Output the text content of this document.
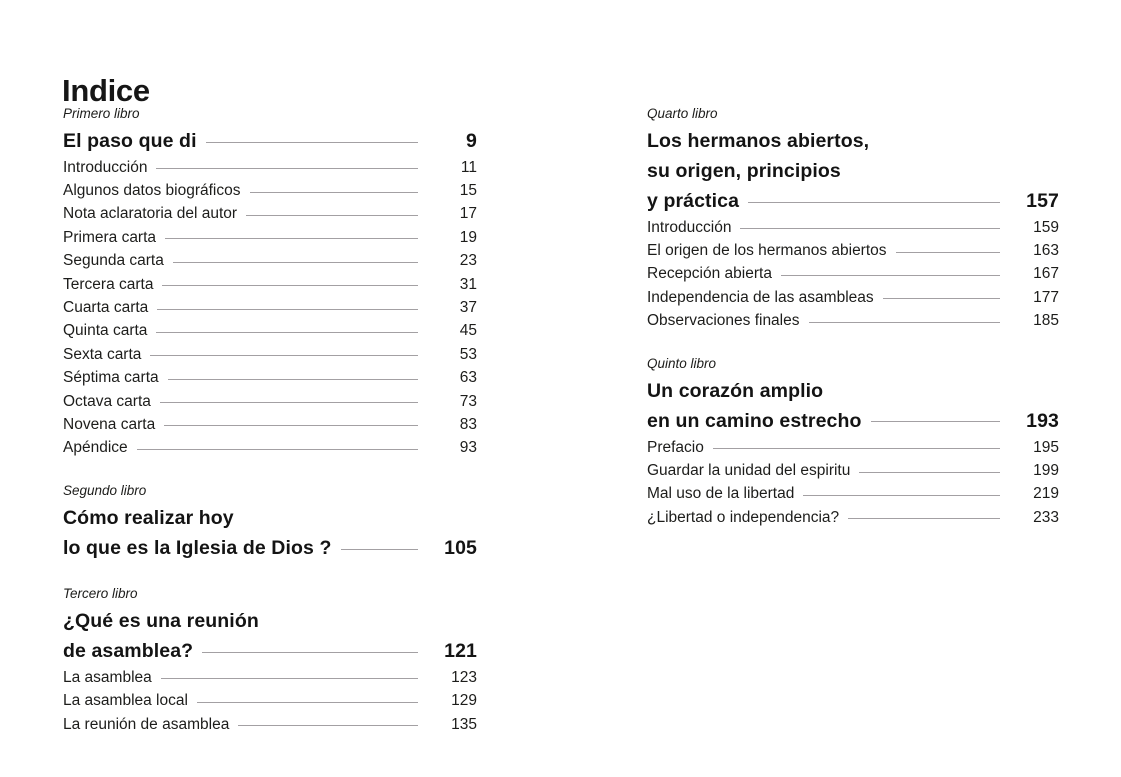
Indice
Primero libro
El paso que di	9
Introducción	11
Algunos datos biográficos	15
Nota aclaratoria del autor	17
Primera carta	19
Segunda carta	23
Tercera carta	31
Cuarta carta	37
Quinta carta	45
Sexta carta	53
Séptima carta	63
Octava carta	73
Novena carta	83
Apéndice	93
Segundo libro
Cómo realizar hoy
lo que es la Iglesia de Dios ?	105
Tercero libro
¿Qué es una reunión
de asamblea?	121
La asamblea	123
La asamblea local	129
La reunión de asamblea	135
Quarto libro
Los hermanos abiertos,
su origen, principios
y práctica	157
Introducción	159
El origen de los hermanos abiertos	163
Recepción abierta	167
Independencia de las asambleas	177
Observaciones finales	185
Quinto libro
Un corazón amplio
en un camino estrecho	193
Prefacio	195
Guardar la unidad del espiritu	199
Mal uso de la libertad	219
¿Libertad o independencia?	233
